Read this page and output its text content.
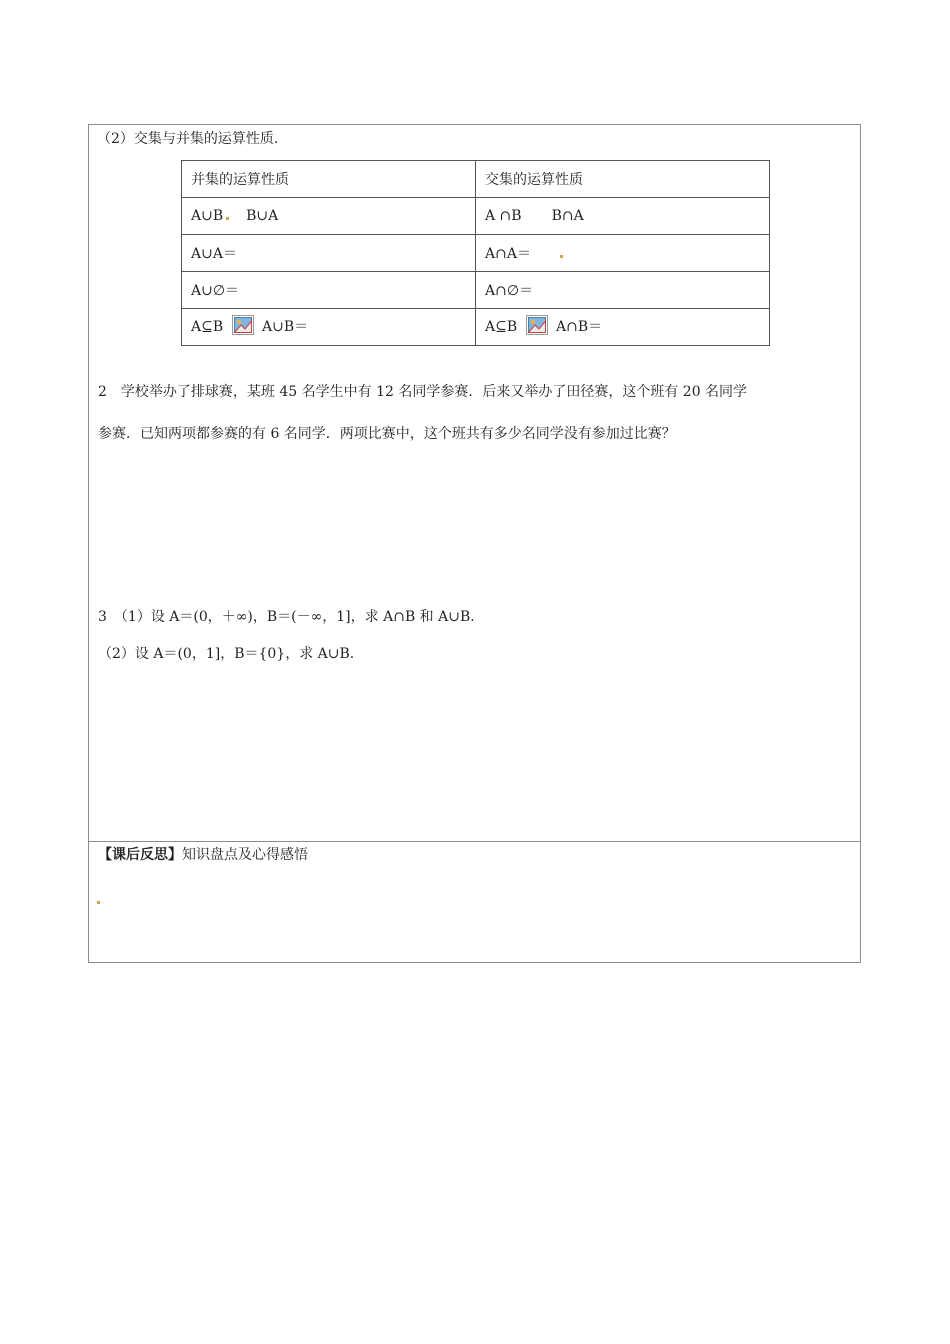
（2）交集与并集的运算性质．
并集的运算性质	交集的运算性质
A∪B B∪A	A ∩B B∩A
A∪A＝	A∩A＝
A∪∅＝	A∩∅＝
A⊆B A∪B＝	A⊆B A∩B＝
2　学校举办了排球赛，某班 45 名学生中有 12 名同学参赛．后来又举办了田径赛，这个班有 20 名同学
参赛．已知两项都参赛的有 6 名同学．两项比赛中，这个班共有多少名同学没有参加过比赛？
3　（1）设 A＝(0，＋∞)，B＝(－∞，1]，求 A∩B 和 A∪B．
（2）设 A＝(0，1]，B＝{0}，求 A∪B．
【课后反思】知识盘点及心得感悟
